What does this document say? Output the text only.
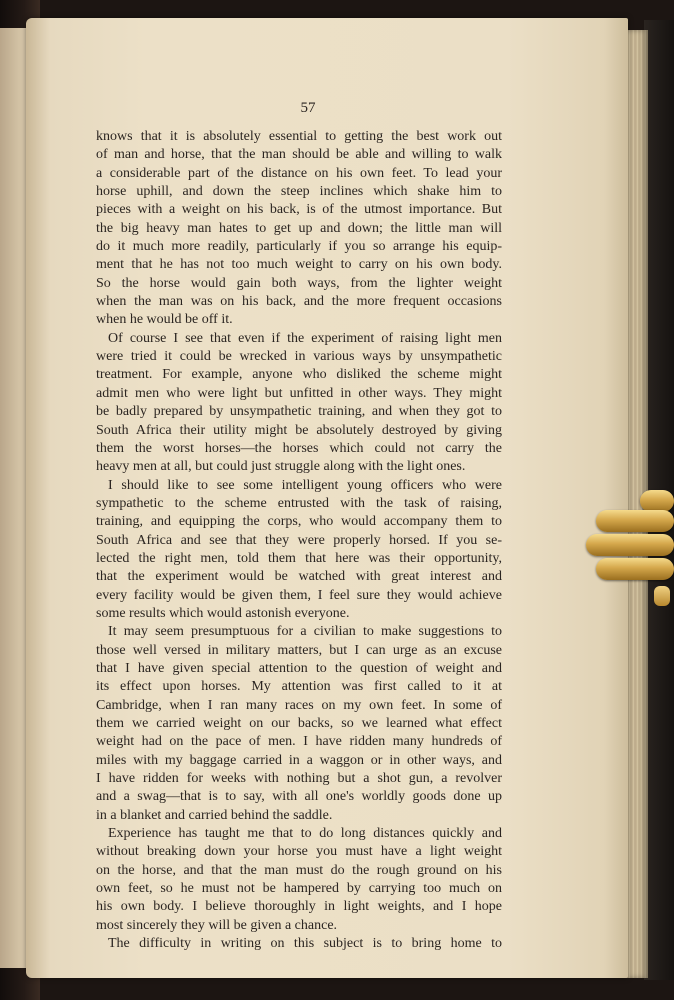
57
knows that it is absolutely essential to getting the best work out
of man and horse, that the man should be able and willing to walk
a considerable part of the distance on his own feet. To lead your
horse uphill, and down the steep inclines which shake him to
pieces with a weight on his back, is of the utmost importance. But
the big heavy man hates to get up and down; the little man will
do it much more readily, particularly if you so arrange his equip-
ment that he has not too much weight to carry on his own body.
So the horse would gain both ways, from the lighter weight
when the man was on his back, and the more frequent occasions
when he would be off it.
Of course I see that even if the experiment of raising light men
were tried it could be wrecked in various ways by unsympathetic
treatment. For example, anyone who disliked the scheme might
admit men who were light but unfitted in other ways. They might
be badly prepared by unsympathetic training, and when they got to
South Africa their utility might be absolutely destroyed by giving
them the worst horses—the horses which could not carry the
heavy men at all, but could just struggle along with the light ones.
I should like to see some intelligent young officers who were
sympathetic to the scheme entrusted with the task of raising,
training, and equipping the corps, who would accompany them to
South Africa and see that they were properly horsed. If you se-
lected the right men, told them that here was their opportunity,
that the experiment would be watched with great interest and
every facility would be given them, I feel sure they would achieve
some results which would astonish everyone.
It may seem presumptuous for a civilian to make suggestions to
those well versed in military matters, but I can urge as an excuse
that I have given special attention to the question of weight and
its effect upon horses. My attention was first called to it at
Cambridge, when I ran many races on my own feet. In some of
them we carried weight on our backs, so we learned what effect
weight had on the pace of men. I have ridden many hundreds of
miles with my baggage carried in a waggon or in other ways, and
I have ridden for weeks with nothing but a shot gun, a revolver
and a swag—that is to say, with all one's worldly goods done up
in a blanket and carried behind the saddle.
Experience has taught me that to do long distances quickly and
without breaking down your horse you must have a light weight
on the horse, and that the man must do the rough ground on his
own feet, so he must not be hampered by carrying too much on
his own body. I believe thoroughly in light weights, and I hope
most sincerely they will be given a chance.
The difficulty in writing on this subject is to bring home to
